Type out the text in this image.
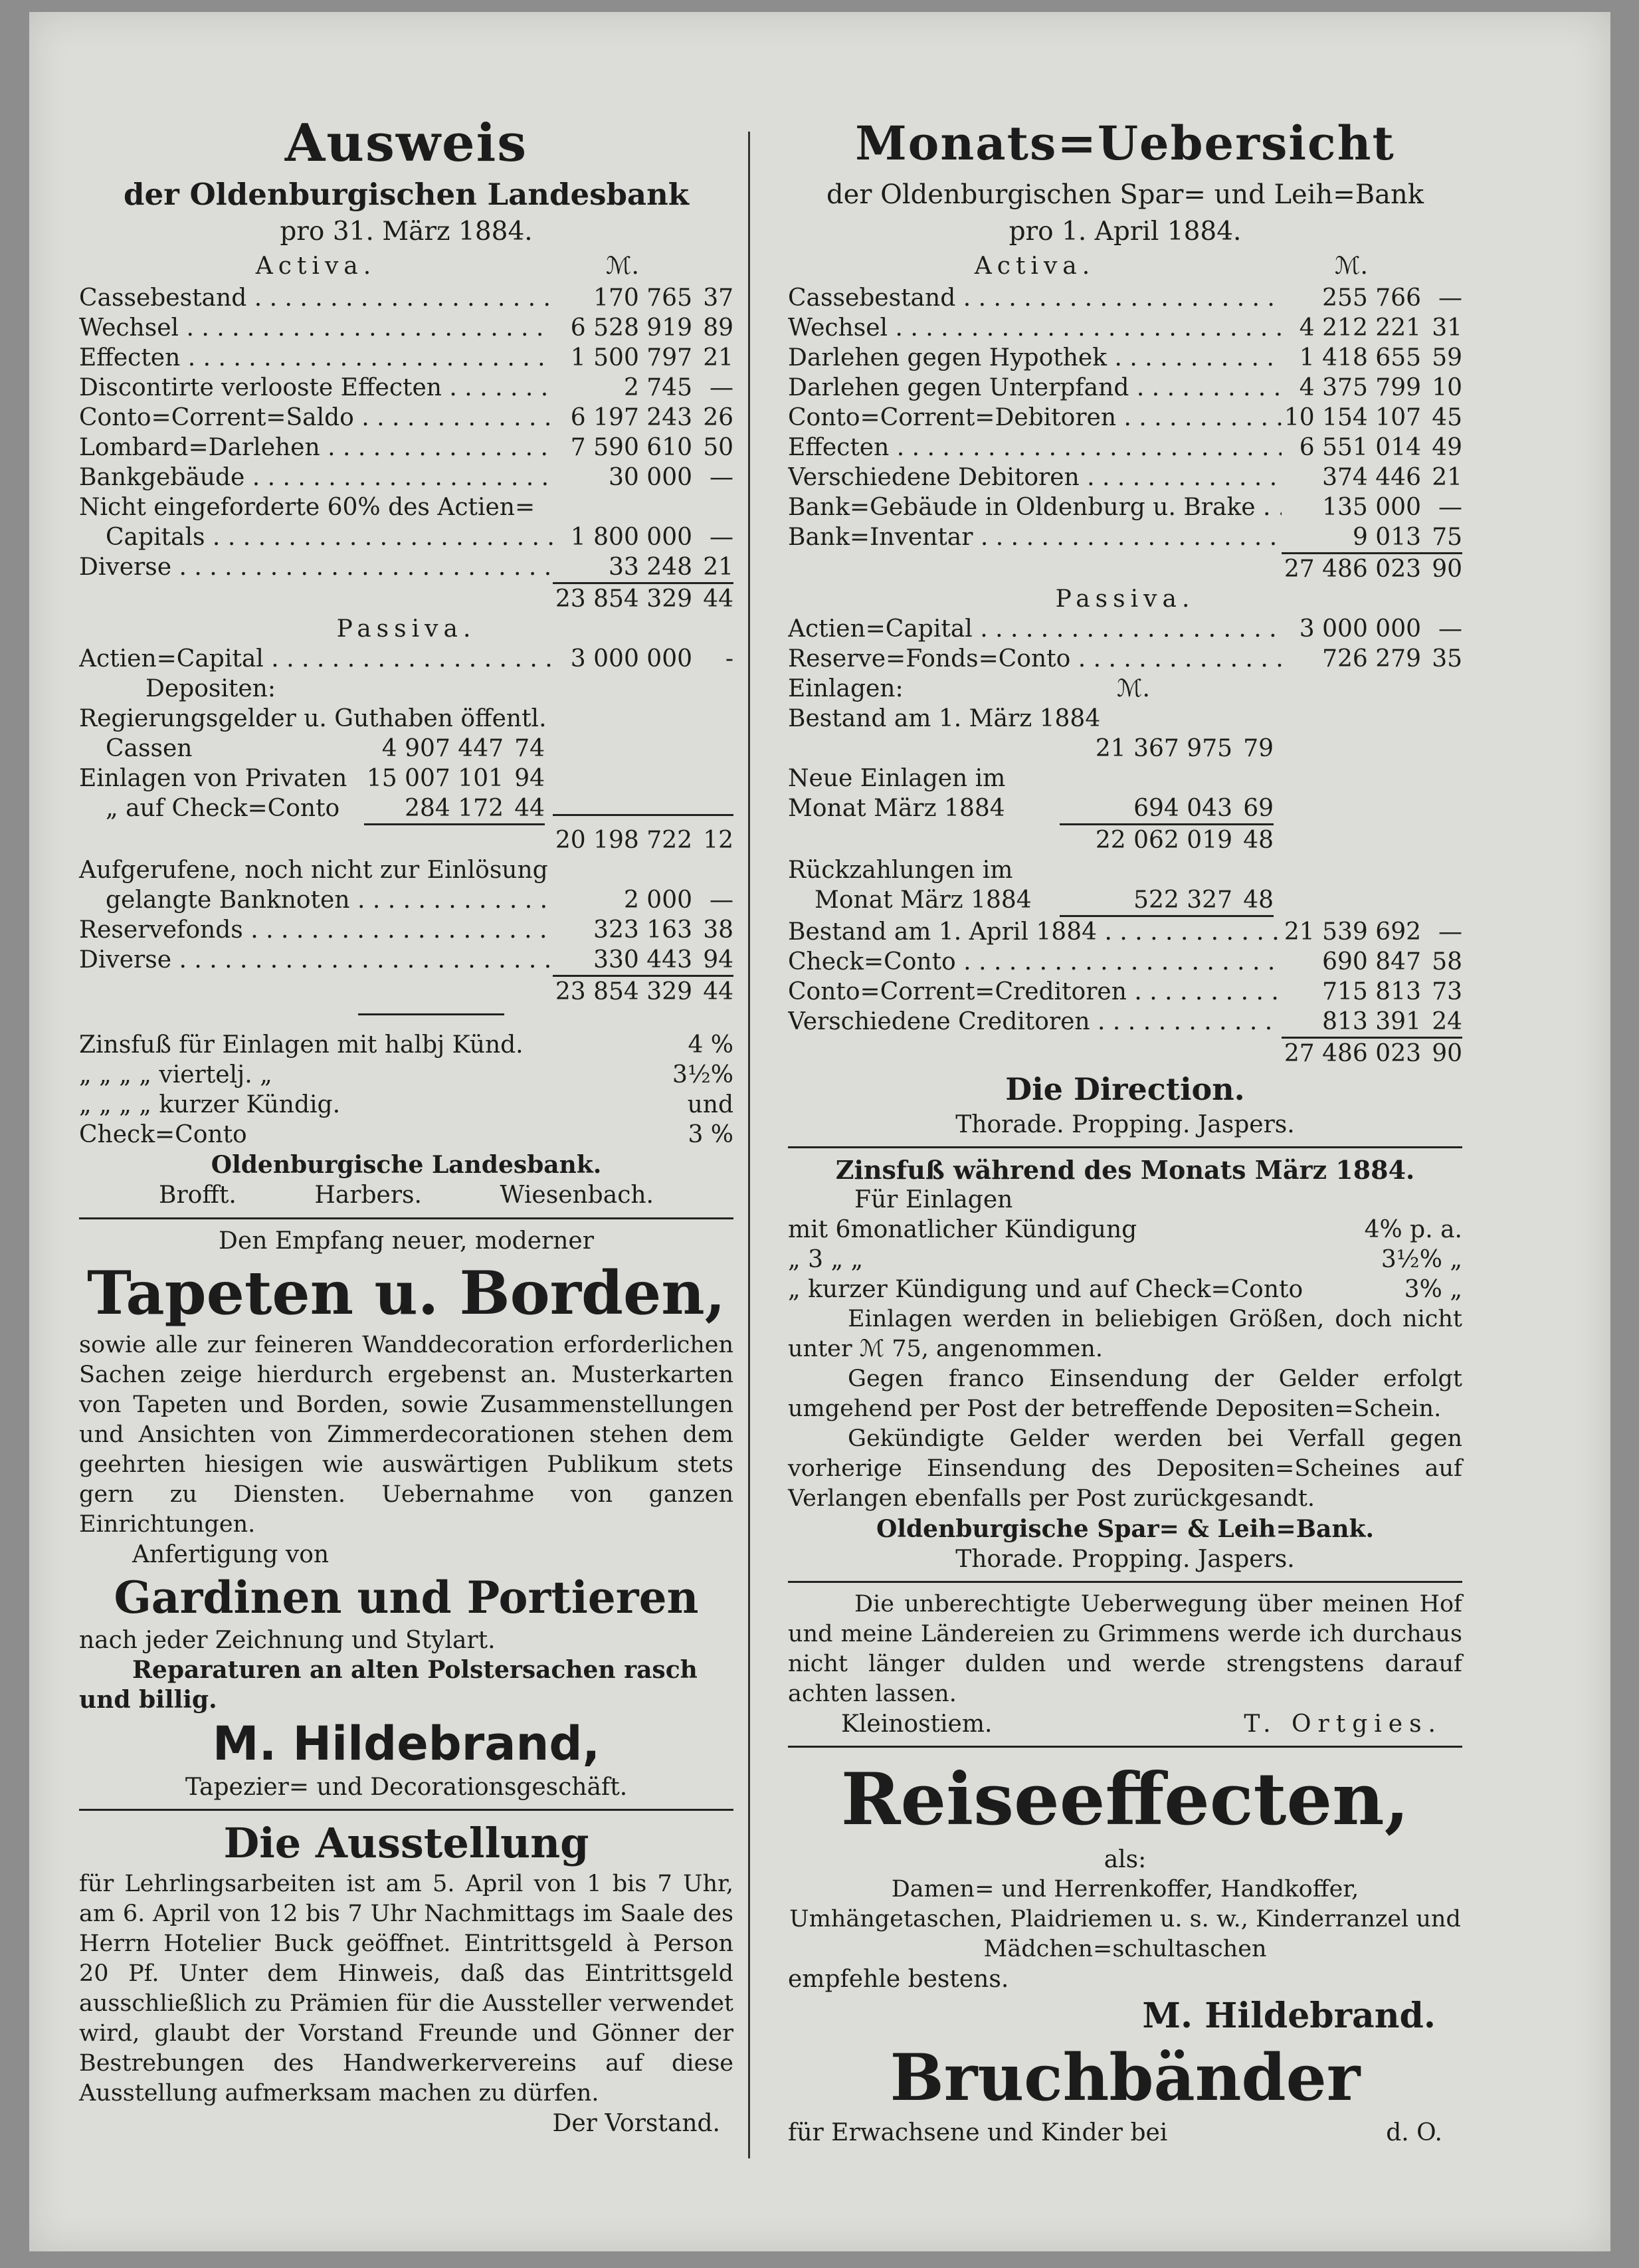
Ausweis
der Oldenburgischen Landesbank
pro 31. März 1884.
Activa.	ℳ.
Cassebestand . . .	170 765 37
Wechsel . . .	6 528 919 89
Effecten . . .	1 500 797 21
Discontirte verlooste Effecten . . .	2 745 —
Conto=Corrent=Saldo . . .	6 197 243 26
Lombard=Darlehen . . .	7 590 610 50
Bankgebäude . . .	30 000 —
Nicht eingeforderte 60% des Actien=
Capitals . . .	1 800 000 —
Diverse . . .	33 248 21
23 854 329 44
Passiva.
Actien=Capital . . .	3 000 000	-
Depositen:
Regierungsgelder u. Guthaben öffentl.
Cassen	4 907 447 74
Einlagen von Privaten 15 007 101 94
„ auf Check=Conto	284 172 44
20 198 722 12
Aufgerufene, noch nicht zur Einlösung
gelangte Banknoten . . .	2 000 —
Reservefonds . . .	323 163 38
Diverse . . .	330 443 94
23 854 329 44
Zinsfuß für Einlagen mit halbj Künd.	4 %
„ „ „ „ viertelj. „	3½%
„ „ „ „ kurzer Kündig.	und
Check=Conto	3 %
Oldenburgische Landesbank.
Brofft.	Harbers.	Wiesenbach.
Den Empfang neuer, moderner
Tapeten u. Borden,
sowie alle zur feineren Wanddecoration erforderlichen Sachen zeige hierdurch ergebenst an. Musterkarten von Tapeten und Borden, sowie Zusammenstellungen und Ansichten von Zimmerdecorationen stehen dem geehrten hiesigen wie auswärtigen Publikum stets gern zu Diensten. Uebernahme von ganzen Einrichtungen.
Anfertigung von
Gardinen und Portieren
nach jeder Zeichnung und Stylart.
Reparaturen an alten Polstersachen rasch und billig.
M. Hildebrand,
Tapezier= und Decorationsgeschäft.
Die Ausstellung
für Lehrlingsarbeiten ist am 5. April von 1 bis 7 Uhr, am 6. April von 12 bis 7 Uhr Nachmittags im Saale des Herrn Hotelier Buck geöffnet. Eintrittsgeld à Person 20 Pf. Unter dem Hinweis, daß das Eintrittsgeld ausschließlich zu Prämien für die Aussteller verwendet wird, glaubt der Vorstand Freunde und Gönner der Bestrebungen des Handwerkervereins auf diese Ausstellung aufmerksam machen zu dürfen.
Der Vorstand.
Monats=Uebersicht
der Oldenburgischen Spar= und Leih=Bank
pro 1. April 1884.
Activa.	ℳ.
Cassebestand . . .	255 766 —
Wechsel . . .	4 212 221 31
Darlehen gegen Hypothek . . .	1 418 655 59
Darlehen gegen Unterpfand . . .	4 375 799 10
Conto=Corrent=Debitoren . . .	10 154 107 45
Effecten . . .	6 551 014 49
Verschiedene Debitoren . . .	374 446 21
Bank=Gebäude in Oldenburg u. Brake . . .	135 000 —
Bank=Inventar . . .	9 013 75
27 486 023 90
Passiva.
Actien=Capital . . .	3 000 000 —
Reserve=Fonds=Conto . . .	726 279 35
Einlagen:	ℳ.
Bestand am 1. März 1884
21 367 975 79
Neue Einlagen im
Monat März 1884	694 043 69
22 062 019 48
Rückzahlungen im
Monat März 1884	522 327 48
Bestand am 1. April 1884 . . .	21 539 692 —
Check=Conto . . .	690 847 58
Conto=Corrent=Creditoren . . .	715 813 73
Verschiedene Creditoren . . .	813 391 24
27 486 023 90
Die Direction.
Thorade. Propping. Jaspers.
Zinsfuß während des Monats März 1884.
Für Einlagen
mit 6monatlicher Kündigung	4% p. a.
„ 3 „ „	3½% „
„ kurzer Kündigung und auf Check=Conto	3% „
Einlagen werden in beliebigen Größen, doch nicht unter ℳ 75, angenommen.
Gegen franco Einsendung der Gelder erfolgt umgehend per Post der betreffende Depositen=Schein.
Gekündigte Gelder werden bei Verfall gegen vorherige Einsendung des Depositen=Scheines auf Verlangen ebenfalls per Post zurückgesandt.
Oldenburgische Spar= & Leih=Bank.
Thorade. Propping. Jaspers.
Die unberechtigte Ueberwegung über meinen Hof und meine Ländereien zu Grimmens werde ich durchaus nicht länger dulden und werde strengstens darauf achten lassen.
Kleinostiem.	T. Ortgies.
Reiseeffecten,
als:
Damen= und Herrenkoffer, Handkoffer, Umhängetaschen, Plaidriemen u. s. w., Kinderranzel und Mädchen=schultaschen
empfehle bestens.
M. Hildebrand.
Bruchbänder
für Erwachsene und Kinder bei	d. O.
